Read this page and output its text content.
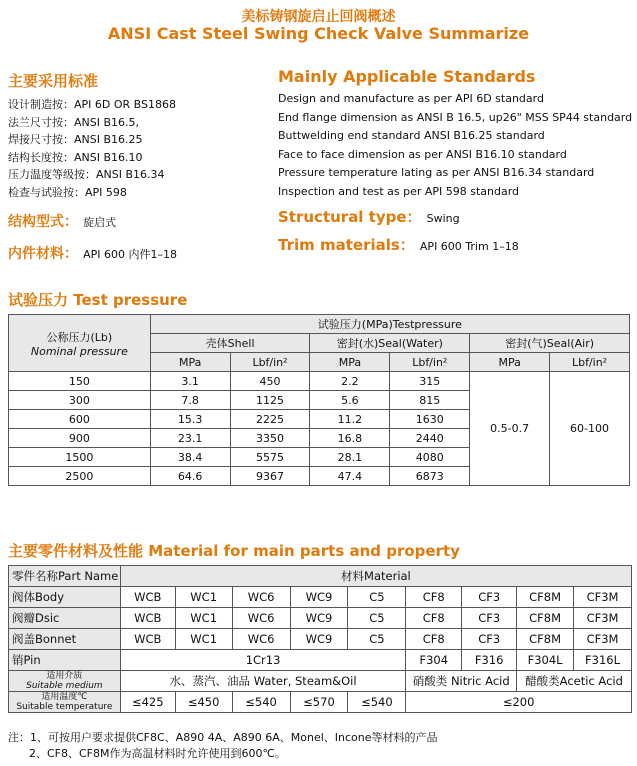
美标铸钢旋启止回阀概述
ANSI Cast Steel Swing Check Valve Summarize
主要采用标准	Mainly Applicable Standards
设计制造按：API 6D OR BS1868
法兰尺寸按：ANSI B16.5,
焊接尺寸按：ANSI B16.25
结构长度按：ANSI B16.10
压力温度等级按：ANSI B16.34
检查与试验按：API 598
Design and manufacture as per API 6D standard
End flange dimension as ANSI B 16.5, up26" MSS SP44 standard
Buttwelding end standard ANSI B16.25 standard
Face to face dimension as per ANSI B16.10 standard
Pressure temperature lating as per ANSI B16.34 standard
Inspection and test as per API 598 standard
结构型式： 旋启式	Structural type： Swing
内件材料： API 600 内件1–18
Trim materials： API 600 Trim 1–18
试验压力 Test pressure
公称压力(Lb)
Nominal pressure	试验压力(MPa)Testpressure					
	壳体Shell		密封(水)Seal(Water)		密封(气)Seal(Air)	
	MPa	Lbf/in²	MPa	Lbf/in²	MPa	Lbf/in²
150	3.1	450	2.2	315	0.5-0.7	60-100
300	7.8	1125	5.6	815		
600	15.3	2225	11.2	1630		
900	23.1	3350	16.8	2440		
1500	38.4	5575	28.1	4080		
2500	64.6	9367	47.4	6873		
主要零件材料及性能 Material for main parts and property
零件名称Part Name	材料Material								
阀体Body	WCB	WC1	WC6	WC9	C5	CF8	CF3	CF8M	CF3M
阀瓣Dsic	WCB	WC1	WC6	WC9	C5	CF8	CF3	CF8M	CF3M
阀盖Bonnet	WCB	WC1	WC6	WC9	C5	CF8	CF3	CF8M	CF3M
销Pin	1Cr13					F304	F316	F304L	F316L

适用介质
Suitable medium	水、蒸汽、油品 Water, Steam&Oil					硝酸类 Nitric Acid		醋酸类Acetic Acid	

适用温度℃
Suitable temperature	≤425	≤450	≤540	≤570	≤540	≤200			
注：1、可按用户要求提供CF8C、A890 4A、A890 6A、Monel、Incone等材料的产品
2、CF8、CF8M作为高温材料时允许使用到600℃。
